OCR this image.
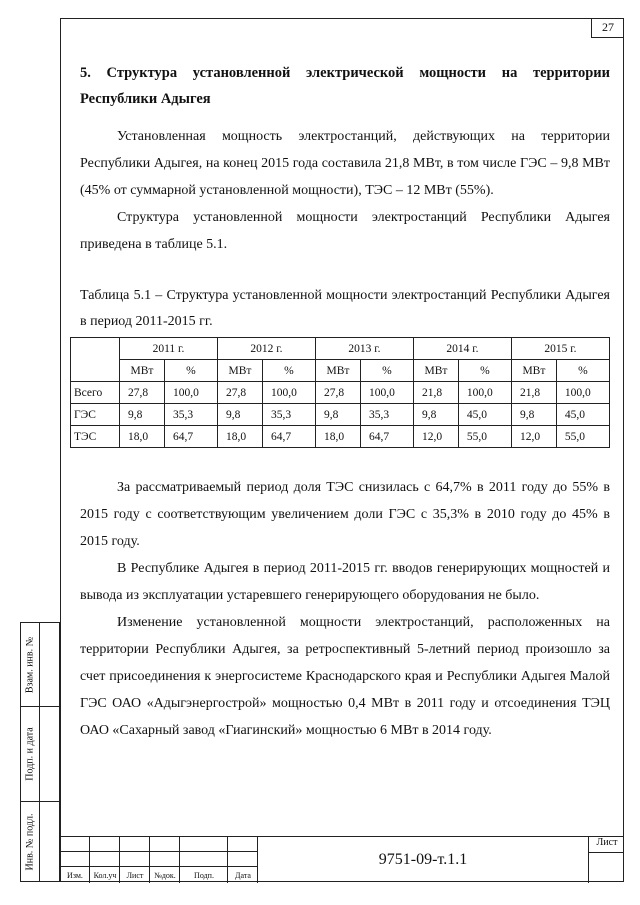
27
Взам. инв. №
Подп. и дата
Инв. № подл.
5. Структура установленной электрической мощности на территории
Республики Адыгея

Установленная мощность электростанций, действующих на территории Республики Адыгея, на конец 2015 года составила 21,8 МВт, в том числе ГЭС – 9,8 МВт (45% от суммарной установленной мощности), ТЭС – 12 МВт (55%).

Структура установленной мощности электростанций Республики Адыгея приведена в таблице 5.1.

Таблица 5.1 – Структура установленной мощности электростанций Республики Адыгея в период 2011-2015 гг.
	2011 г.		2012 г.		2013 г.		2014 г.		2015 г.	
	МВт	%	МВт	%	МВт	%	МВт	%	МВт	%
Всего	27,8	100,0	27,8	100,0	27,8	100,0	21,8	100,0	21,8	100,0
ГЭС	9,8	35,3	9,8	35,3	9,8	35,3	9,8	45,0	9,8	45,0
ТЭС	18,0	64,7	18,0	64,7	18,0	64,7	12,0	55,0	12,0	55,0

За рассматриваемый период доля ТЭС снизилась с 64,7% в 2011 году до 55% в 2015 году с соответствующим увеличением доли ГЭС с 35,3% в 2010 году до 45% в 2015 году.

В Республике Адыгея в период 2011-2015 гг. вводов генерирующих мощностей и вывода из эксплуатации устаревшего генерирующего оборудования не было.

Изменение установленной мощности электростанций, расположенных на территории Республики Адыгея, за ретроспективный 5-летний период произошло за счет присоединения к энергосистеме Краснодарского края и Республики Адыгея Малой ГЭС ОАО «Адыгэнергострой» мощностью 0,4 МВт в 2011 году и отсоединения ТЭЦ ОАО «Сахарный завод «Гиагинский» мощностью 6 МВт в 2014 году.

Изм.	Кол.уч	Лист	№док.	Подп.	Дата
9751-09-т.1.1
Лист
